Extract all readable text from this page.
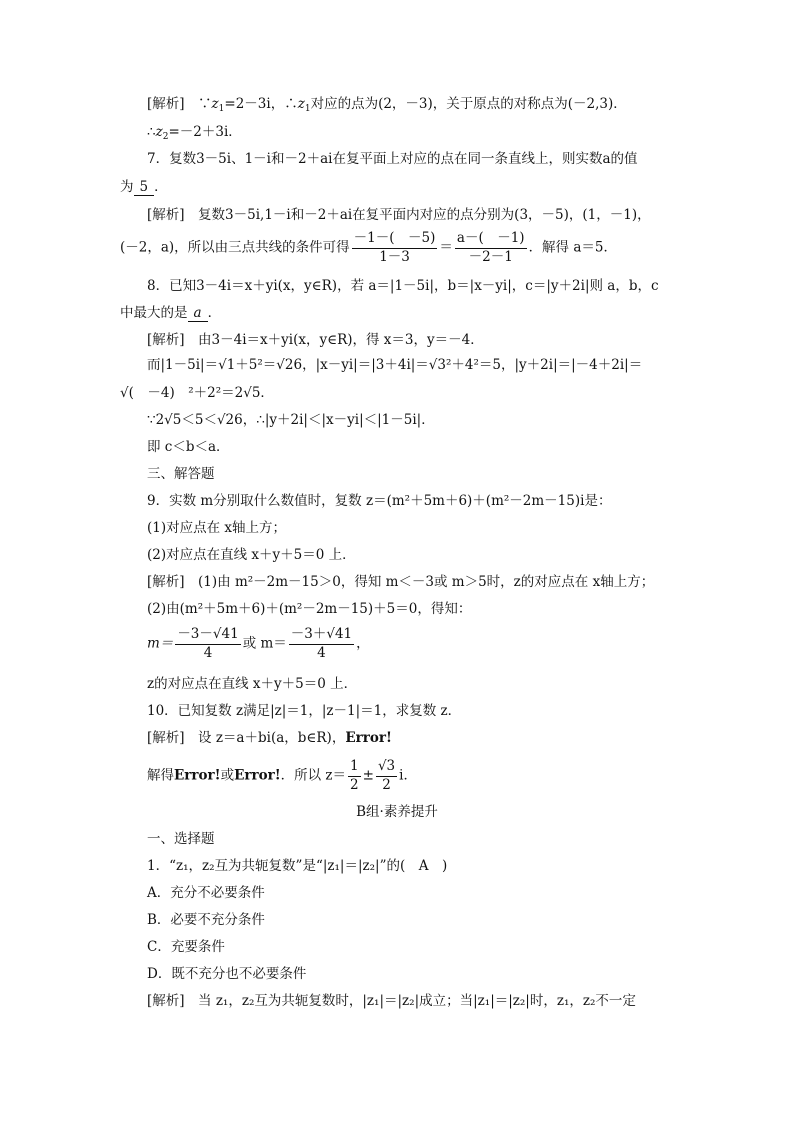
[解析]　$\because z_1=2-3i$，$\therefore z_1$对应的点为(2，－3)，关于原点的对称点为(－2,3)．
$\therefore z_2=-2+3i$．
7．复数3－5i、1－i和－2＋ai在复平面上对应的点在同一条直线上，则实数a的值
为 5 ．
[解析]　复数3－5i,1－i和－2＋ai在复平面内对应的点分别为(3，－5)，(1，－1)，
(－2，a)，所以由三点共线的条件可得 $\frac{-1-( -5)}{1-3} = \frac{a-( -1)}{-2-1}$ ．解得 a＝5．
8．已知3－4i＝x＋yi(x，y∈R)，若 a＝|1－5i|，b＝|x－yi|，c＝|y＋2i|则 a，b，c
中最大的是 a ．
[解析]　由3－4i＝x＋yi(x，y∈R)，得 x＝3，y＝－4．
而|1－5i|＝√1＋5²＝√26，|x－yi|＝|3＋4i|＝√3²＋4²＝5，|y＋2i|＝|－4＋2i|＝
√(　－4)　²＋2²＝2√5．
∵2√5＜5＜√26，∴|y＋2i|＜|x－yi|＜|1－5i|．
即 c＜b＜a．
三、解答题
9．实数 m分别取什么数值时，复数 z＝(m²＋5m＋6)＋(m²－2m－15)i是：
(1)对应点在 x轴上方；
(2)对应点在直线 x＋y＋5＝0 上．
[解析]　(1)由 m²－2m－15＞0，得知 m＜－3或 m＞5时，z的对应点在 x轴上方；
(2)由(m²＋5m＋6)＋(m²－2m－15)＋5＝0，得知：
$m= \frac{-3-√41}{4}$ 或 $m= \frac{-3+√41}{4}$ ，
z的对应点在直线 x＋y＋5＝0 上．
10．已知复数 z满足|z|＝1，|z－1|＝1，求复数 z．
[解析]　设 z＝a＋bi(a，b∈R)，Error!
解得Error!或Error!．所以 $z= \frac{1}{2} \pm \frac{√3}{2}$ i．
B组·素养提升
一、选择题
1．“z₁，z₂互为共轭复数”是“|z₁|＝|z₂|”的(　A　)
A．充分不必要条件
B．必要不充分条件
C．充要条件
D．既不充分也不必要条件
[解析]　当 z₁，z₂互为共轭复数时，|z₁|＝|z₂|成立；当|z₁|＝|z₂|时，z₁，z₂不一定
